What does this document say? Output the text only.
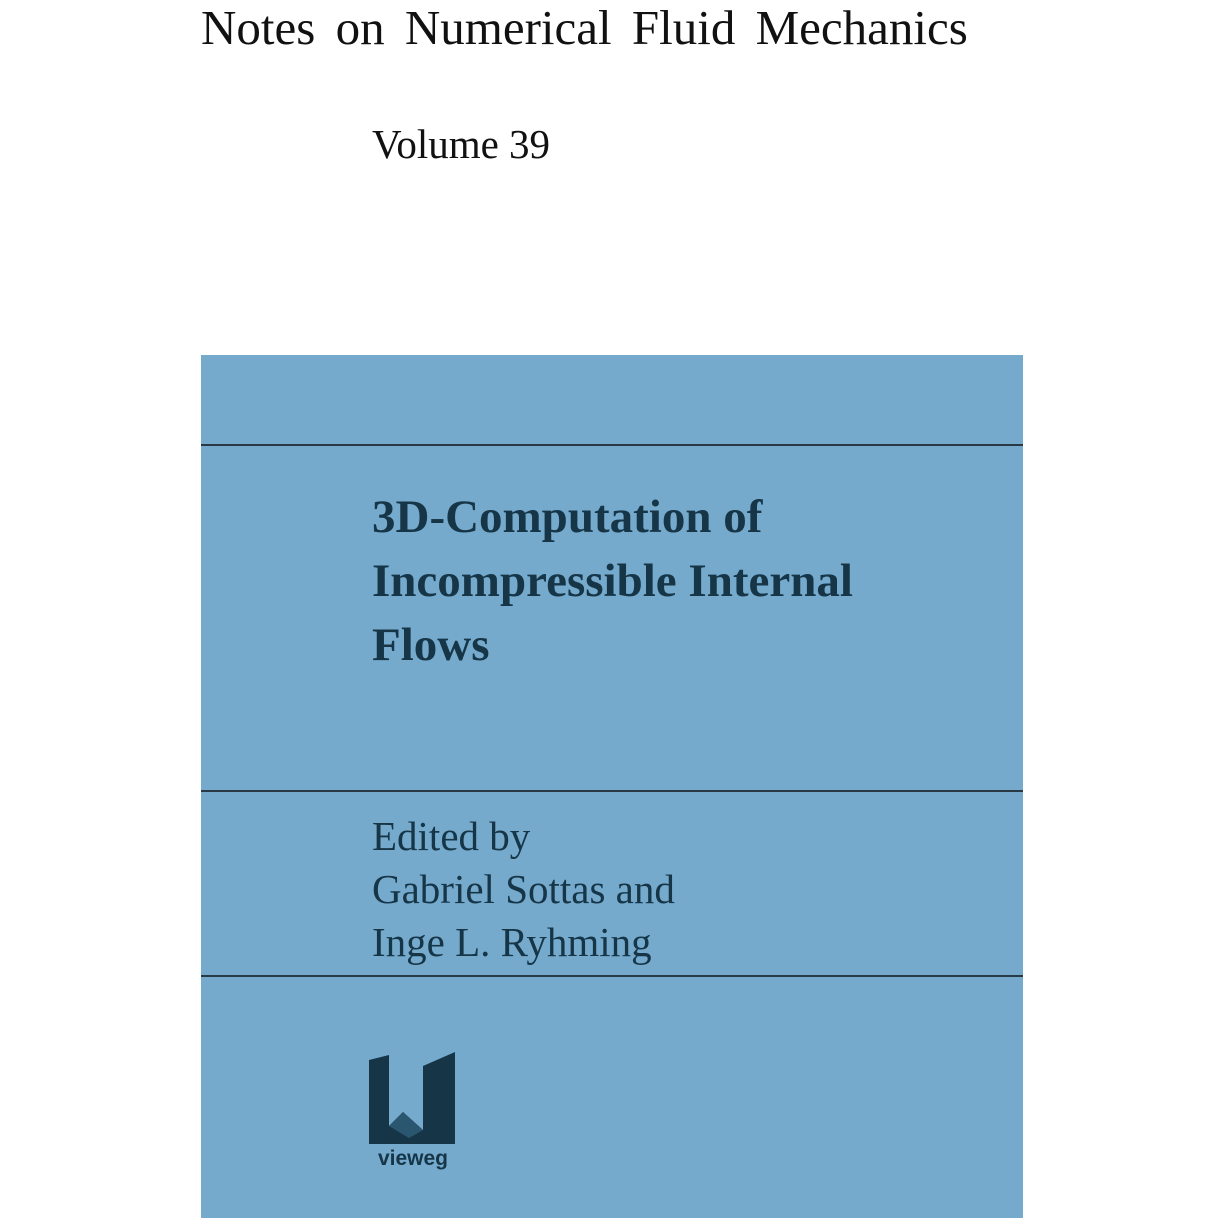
Notes on Numerical Fluid Mechanics
Volume 39
3D-Computation of
Incompressible Internal
Flows
Edited by
Gabriel Sottas and
Inge L. Ryhming
vieweg
